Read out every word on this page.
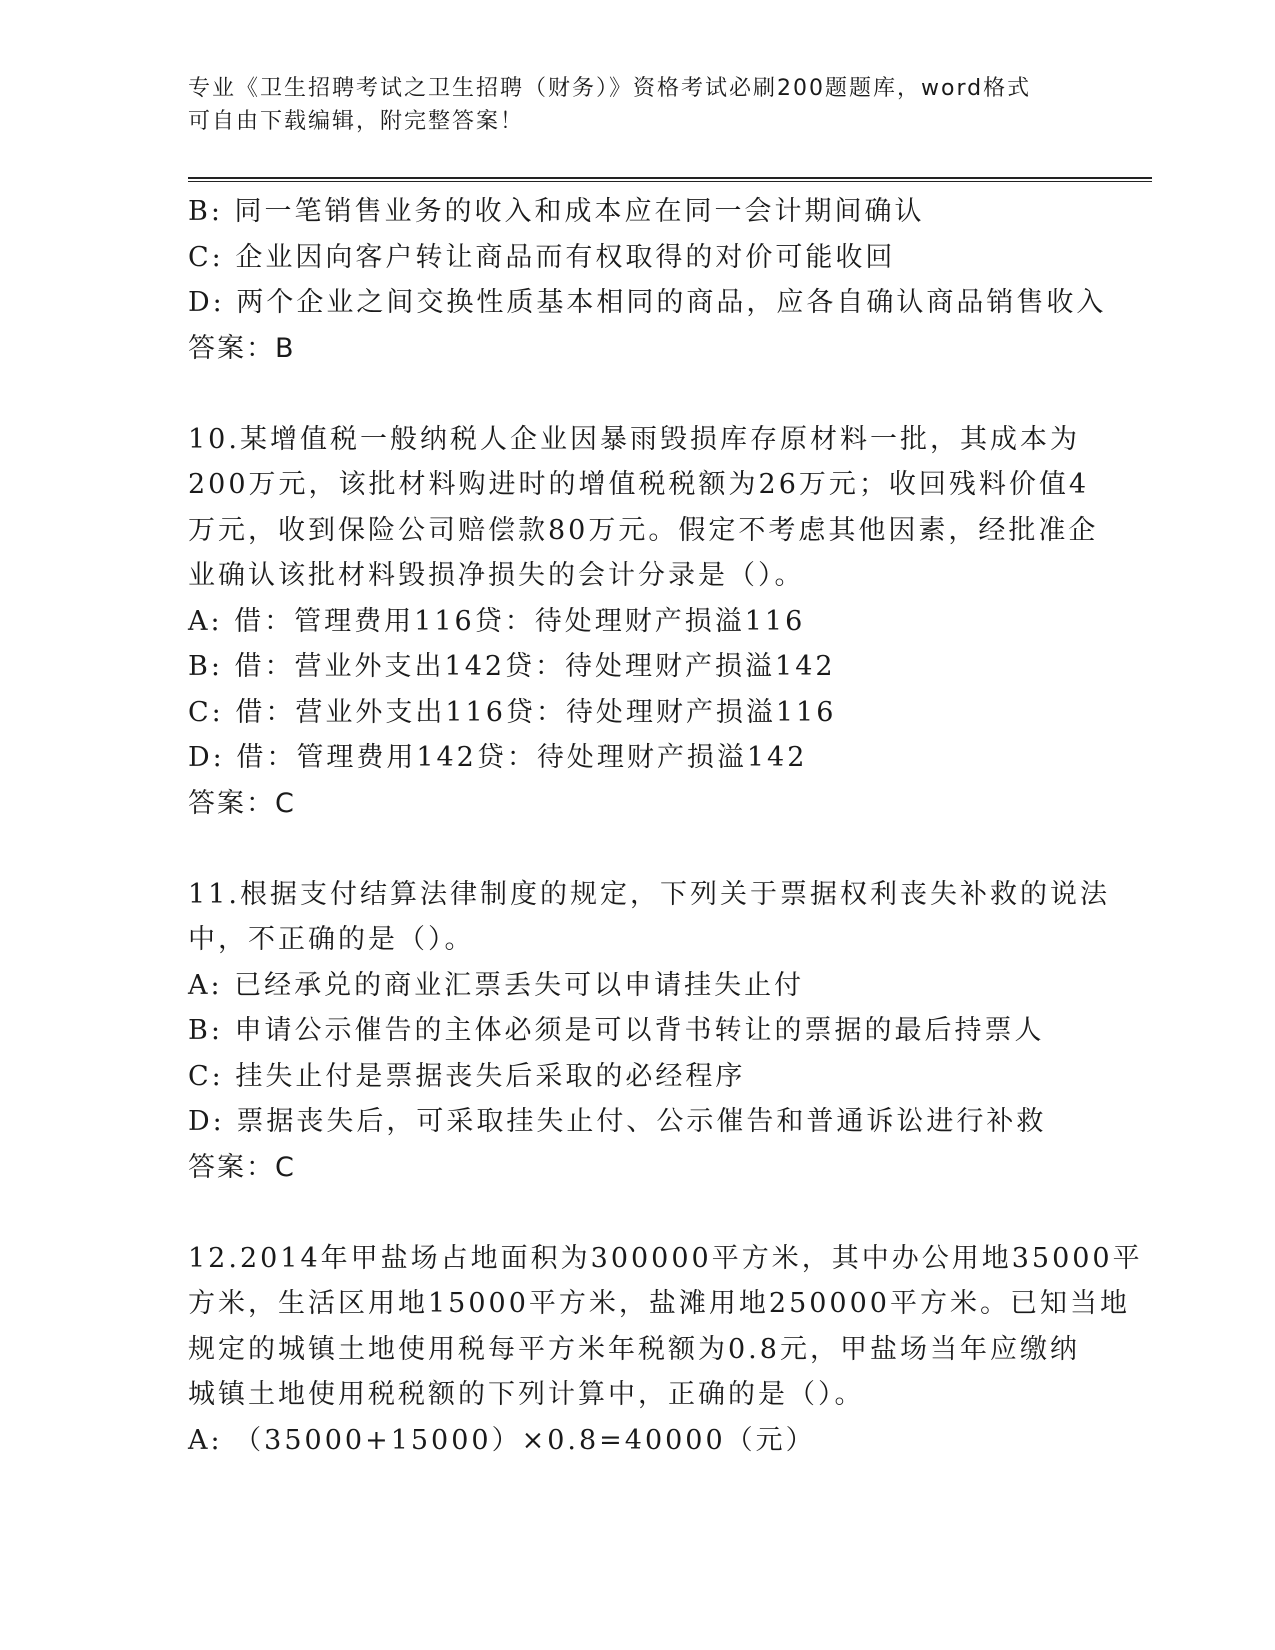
专业《卫生招聘考试之卫生招聘（财务）》资格考试必刷200题题库，word格式
可自由下载编辑，附完整答案！
B: 同一笔销售业务的收入和成本应在同一会计期间确认
C: 企业因向客户转让商品而有权取得的对价可能收回
D: 两个企业之间交换性质基本相同的商品，应各自确认商品销售收入
答案：B
10.某增值税一般纳税人企业因暴雨毁损库存原材料一批，其成本为
200万元，该批材料购进时的增值税税额为26万元；收回残料价值4
万元，收到保险公司赔偿款80万元。假定不考虑其他因素，经批准企
业确认该批材料毁损净损失的会计分录是（）。
A: 借：管理费用116贷：待处理财产损溢116
B: 借：营业外支出142贷：待处理财产损溢142
C: 借：营业外支出116贷：待处理财产损溢116
D: 借：管理费用142贷：待处理财产损溢142
答案：C
11.根据支付结算法律制度的规定，下列关于票据权利丧失补救的说法
中，不正确的是（）。
A: 已经承兑的商业汇票丢失可以申请挂失止付
B: 申请公示催告的主体必须是可以背书转让的票据的最后持票人
C: 挂失止付是票据丧失后采取的必经程序
D: 票据丧失后，可采取挂失止付、公示催告和普通诉讼进行补救
答案：C
12.2014年甲盐场占地面积为300000平方米，其中办公用地35000平
方米，生活区用地15000平方米，盐滩用地250000平方米。已知当地
规定的城镇土地使用税每平方米年税额为0.8元，甲盐场当年应缴纳
城镇土地使用税税额的下列计算中，正确的是（）。
A: （35000+15000）×0.8=40000（元）
